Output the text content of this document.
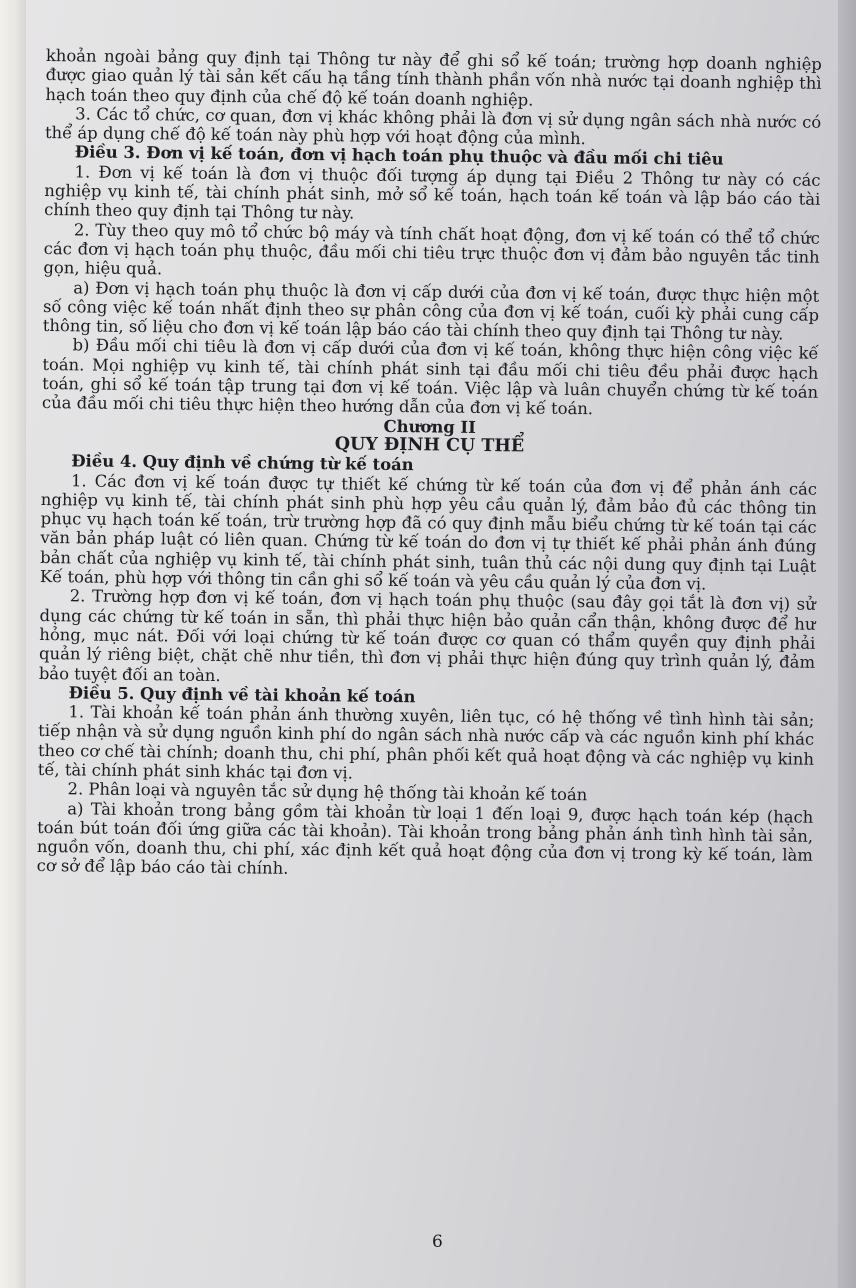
khoản ngoài bảng quy định tại Thông tư này để ghi sổ kế toán; trường hợp doanh nghiệp được giao quản lý tài sản kết cấu hạ tầng tính thành phần vốn nhà nước tại doanh nghiệp thì hạch toán theo quy định của chế độ kế toán doanh nghiệp.

3. Các tổ chức, cơ quan, đơn vị khác không phải là đơn vị sử dụng ngân sách nhà nước có thể áp dụng chế độ kế toán này phù hợp với hoạt động của mình.

Điều 3. Đơn vị kế toán, đơn vị hạch toán phụ thuộc và đầu mối chi tiêu

1. Đơn vị kế toán là đơn vị thuộc đối tượng áp dụng tại Điều 2 Thông tư này có các nghiệp vụ kinh tế, tài chính phát sinh, mở sổ kế toán, hạch toán kế toán và lập báo cáo tài chính theo quy định tại Thông tư này.

2. Tùy theo quy mô tổ chức bộ máy và tính chất hoạt động, đơn vị kế toán có thể tổ chức các đơn vị hạch toán phụ thuộc, đầu mối chi tiêu trực thuộc đơn vị đảm bảo nguyên tắc tinh gọn, hiệu quả.

a) Đơn vị hạch toán phụ thuộc là đơn vị cấp dưới của đơn vị kế toán, được thực hiện một số công việc kế toán nhất định theo sự phân công của đơn vị kế toán, cuối kỳ phải cung cấp thông tin, số liệu cho đơn vị kế toán lập báo cáo tài chính theo quy định tại Thông tư này.

b) Đầu mối chi tiêu là đơn vị cấp dưới của đơn vị kế toán, không thực hiện công việc kế toán. Mọi nghiệp vụ kinh tế, tài chính phát sinh tại đầu mối chi tiêu đều phải được hạch toán, ghi sổ kế toán tập trung tại đơn vị kế toán. Việc lập và luân chuyển chứng từ kế toán của đầu mối chi tiêu thực hiện theo hướng dẫn của đơn vị kế toán.

Chương II

QUY ĐỊNH CỤ THỂ

Điều 4. Quy định về chứng từ kế toán

1. Các đơn vị kế toán được tự thiết kế chứng từ kế toán của đơn vị để phản ánh các nghiệp vụ kinh tế, tài chính phát sinh phù hợp yêu cầu quản lý, đảm bảo đủ các thông tin phục vụ hạch toán kế toán, trừ trường hợp đã có quy định mẫu biểu chứng từ kế toán tại các văn bản pháp luật có liên quan. Chứng từ kế toán do đơn vị tự thiết kế phải phản ánh đúng bản chất của nghiệp vụ kinh tế, tài chính phát sinh, tuân thủ các nội dung quy định tại Luật Kế toán, phù hợp với thông tin cần ghi sổ kế toán và yêu cầu quản lý của đơn vị.

2. Trường hợp đơn vị kế toán, đơn vị hạch toán phụ thuộc (sau đây gọi tắt là đơn vị) sử dụng các chứng từ kế toán in sẵn, thì phải thực hiện bảo quản cẩn thận, không được để hư hỏng, mục nát. Đối với loại chứng từ kế toán được cơ quan có thẩm quyền quy định phải quản lý riêng biệt, chặt chẽ như tiền, thì đơn vị phải thực hiện đúng quy trình quản lý, đảm bảo tuyệt đối an toàn.

Điều 5. Quy định về tài khoản kế toán

1. Tài khoản kế toán phản ánh thường xuyên, liên tục, có hệ thống về tình hình tài sản; tiếp nhận và sử dụng nguồn kinh phí do ngân sách nhà nước cấp và các nguồn kinh phí khác theo cơ chế tài chính; doanh thu, chi phí, phân phối kết quả hoạt động và các nghiệp vụ kinh tế, tài chính phát sinh khác tại đơn vị.

2. Phân loại và nguyên tắc sử dụng hệ thống tài khoản kế toán

a) Tài khoản trong bảng gồm tài khoản từ loại 1 đến loại 9, được hạch toán kép (hạch toán bút toán đối ứng giữa các tài khoản). Tài khoản trong bảng phản ánh tình hình tài sản, nguồn vốn, doanh thu, chi phí, xác định kết quả hoạt động của đơn vị trong kỳ kế toán, làm cơ sở để lập báo cáo tài chính.

6
